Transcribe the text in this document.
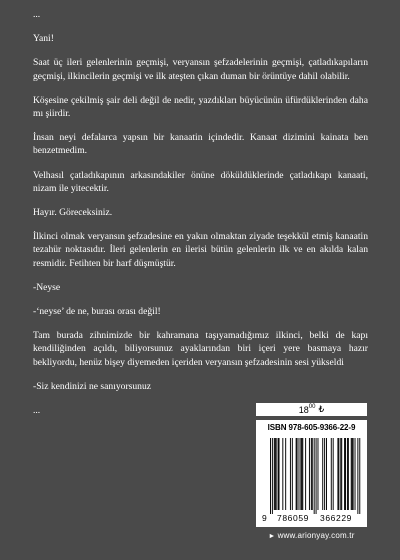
...

Yani!

Saat üç ileri gelenlerinin geçmişi, veryansın şefzadelerinin geçmişi, çatladıkapıların geçmişi, ilkincilerin geçmişi ve ilk ateşten çıkan duman bir örüntüye dahil olabilir.

Köşesine çekilmiş şair deli değil de nedir, yazdıkları büyücünün üfürdüklerinden daha mı şiirdir.

İnsan neyi defalarca yapsın bir kanaatin içindedir. Kanaat dizimini kainata ben benzetmedim.

Velhasıl çatladıkapının arkasındakiler önüne döküldüklerinde çatladıkapı kanaati, nizam ile yitecektir.

Hayır. Göreceksiniz.

İlkinci olmak veryansın şefzadesine en yakın olmaktan ziyade teşekkül etmiş kanaatin tezahür noktasıdır. İleri gelenlerin en ilerisi bütün gelenlerin ilk ve en akılda kalan resmidir. Fetihten bir harf düşmüştür.

-Neyse

-‘neyse’ de ne, burası orası değil!

Tam burada zihnimizde bir kahramana taşıyamadığımız ilkinci, belki de kapı kendiliğinden açıldı, biliyorsunuz ayaklarından biri içeri yere basmaya hazır bekliyordu, henüz bişey diyemeden içeriden veryansın şefzadesinin sesi yükseldi

-Siz kendinizi ne sanıyorsunuz

...	$18^{00}$ ₺
ISBN 978-605-9366-22-9
9 786059 366229
► www.arionyay.com.tr
